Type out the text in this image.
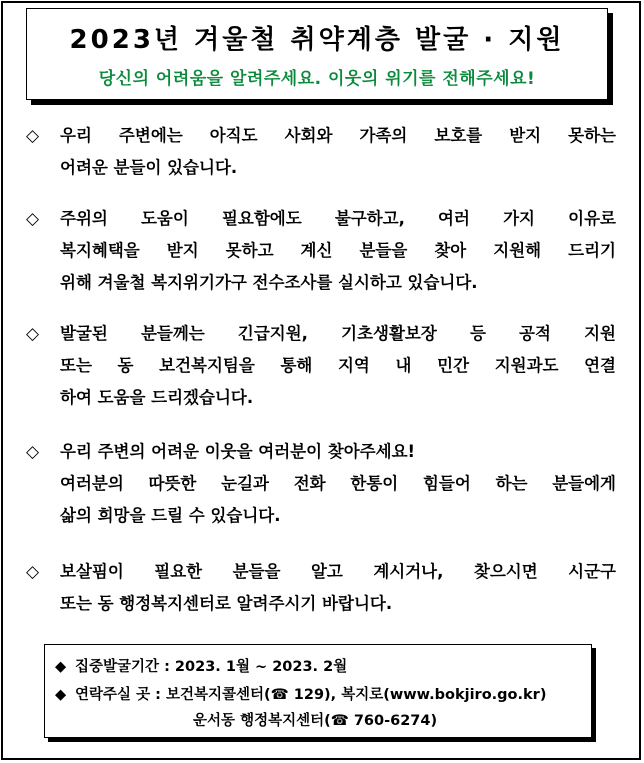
2023년 겨울철 취약계층 발굴 · 지원
당신의 어려움을 알려주세요. 이웃의 위기를 전해주세요!
◇	우리 주변에는 아직도 사회와 가족의 보호를 받지 못하는
어려운 분들이 있습니다.
◇	주위의 도움이 필요함에도 불구하고, 여러 가지 이유로
복지혜택을 받지 못하고 계신 분들을 찾아 지원해 드리기
위해 겨울철 복지위기가구 전수조사를 실시하고 있습니다.
◇	발굴된 분들께는 긴급지원, 기초생활보장 등 공적 지원
또는 동 보건복지팀을 통해 지역 내 민간 지원과도 연결
하여 도움을 드리겠습니다.
◇	우리 주변의 어려운 이웃을 여러분이 찾아주세요!
여러분의 따뜻한 눈길과 전화 한통이 힘들어 하는 분들에게
삶의 희망을 드릴 수 있습니다.
◇	보살핌이 필요한 분들을 알고 계시거나, 찾으시면 시군구
또는 동 행정복지센터로 알려주시기 바랍니다.
◆ 집중발굴기간 : 2023. 1월 ~ 2023. 2월
◆ 연락주실 곳 : 보건복지콜센터(☎ 129), 복지로(www.bokjiro.go.kr)
운서동 행정복지센터(☎ 760-6274)
